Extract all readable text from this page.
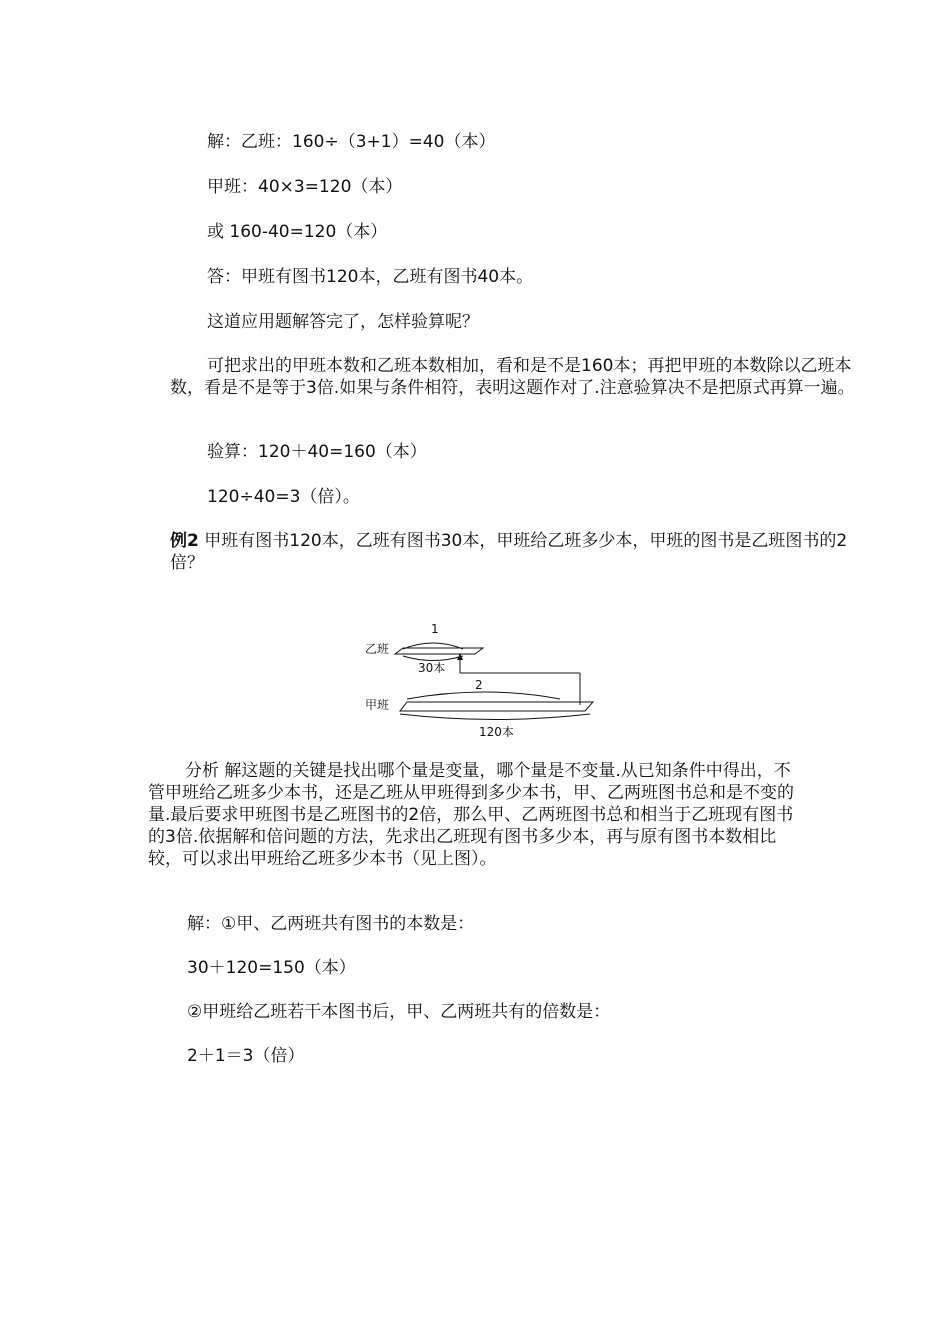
解：乙班：160÷（3+1）=40（本）
甲班：40×3=120（本）
或 160-40=120（本）
答：甲班有图书120本，乙班有图书40本。
这道应用题解答完了，怎样验算呢？
可把求出的甲班本数和乙班本数相加，看和是不是160本；再把甲班的本数除以乙班本数，看是不是等于3倍.如果与条件相符，表明这题作对了.注意验算决不是把原式再算一遍。
验算：120＋40=160（本）
120÷40=3（倍）。
例2 甲班有图书120本，乙班有图书30本，甲班给乙班多少本，甲班的图书是乙班图书的2倍？
乙班
甲班
1
30本
2
120本
分析 解这题的关键是找出哪个量是变量，哪个量是不变量.从已知条件中得出，不管甲班给乙班多少本书，还是乙班从甲班得到多少本书，甲、乙两班图书总和是不变的量.最后要求甲班图书是乙班图书的2倍，那么甲、乙两班图书总和相当于乙班现有图书的3倍.依据解和倍问题的方法，先求出乙班现有图书多少本，再与原有图书本数相比较，可以求出甲班给乙班多少本书（见上图）。
解：①甲、乙两班共有图书的本数是：
30＋120=150（本）
②甲班给乙班若干本图书后，甲、乙两班共有的倍数是：
2＋1＝3（倍）
